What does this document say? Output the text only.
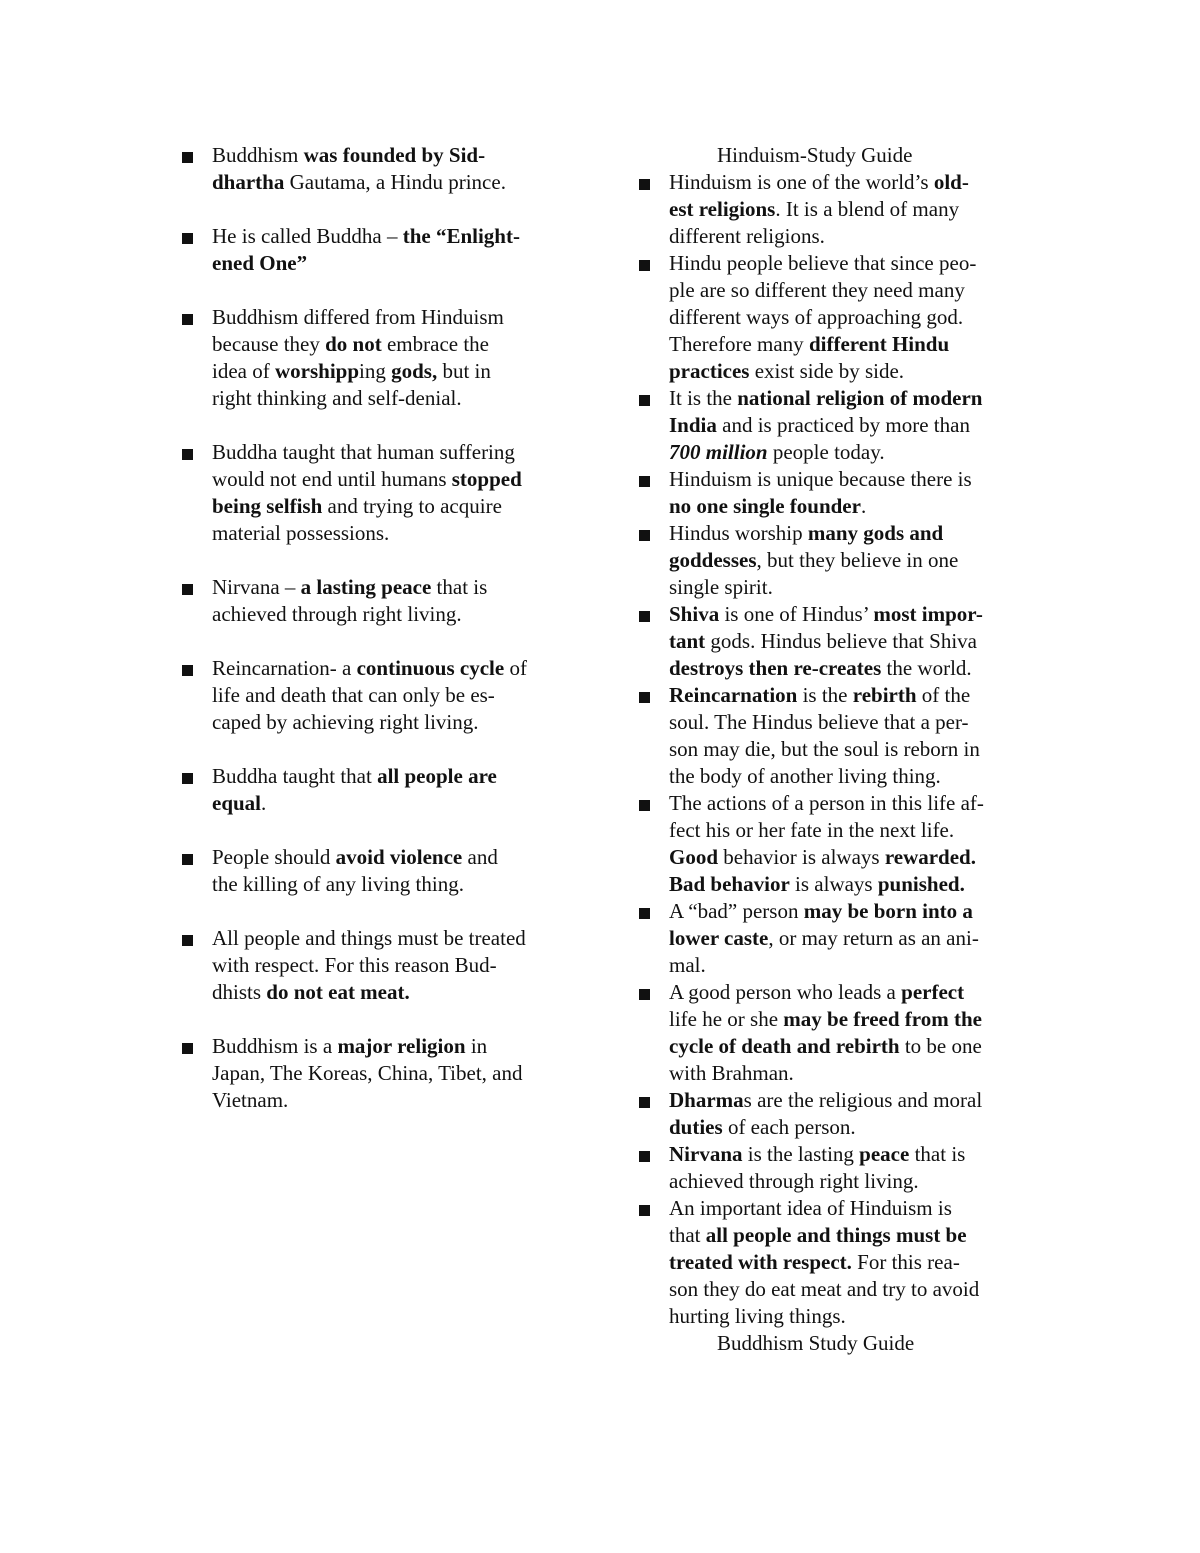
Buddhism was founded by Sid-
dhartha Gautama, a Hindu prince.
He is called Buddha – the “Enlight-
ened One”
Buddhism differed from Hinduism
because they do not embrace the
idea of worshipping gods, but in
right thinking and self-denial.
Buddha taught that human suffering
would not end until humans stopped
being selfish and trying to acquire
material possessions.
Nirvana – a lasting peace that is
achieved through right living.
Reincarnation- a continuous cycle of
life and death that can only be es-
caped by achieving right living.
Buddha taught that all people are
equal.
People should avoid violence and
the killing of any living thing.
All people and things must be treated
with respect. For this reason Bud-
dhists do not eat meat.
Buddhism is a major religion in
Japan, The Koreas, China, Tibet, and
Vietnam.
Hinduism-Study Guide
Hinduism is one of the world’s old-
est religions. It is a blend of many
different religions.
Hindu people believe that since peo-
ple are so different they need many
different ways of approaching god.
Therefore many different Hindu
practices exist side by side.
It is the national religion of modern
India and is practiced by more than
700 million people today.
Hinduism is unique because there is
no one single founder.
Hindus worship many gods and
goddesses, but they believe in one
single spirit.
Shiva is one of Hindus’ most impor-
tant gods. Hindus believe that Shiva
destroys then re-creates the world.
Reincarnation is the rebirth of the
soul. The Hindus believe that a per-
son may die, but the soul is reborn in
the body of another living thing.
The actions of a person in this life af-
fect his or her fate in the next life.
Good behavior is always rewarded.
Bad behavior is always punished.
A “bad” person may be born into a
lower caste, or may return as an ani-
mal.
A good person who leads a perfect
life he or she may be freed from the
cycle of death and rebirth to be one
with Brahman.
Dharmas are the religious and moral
duties of each person.
Nirvana is the lasting peace that is
achieved through right living.
An important idea of Hinduism is
that all people and things must be
treated with respect. For this rea-
son they do eat meat and try to avoid
hurting living things.
Buddhism Study Guide
